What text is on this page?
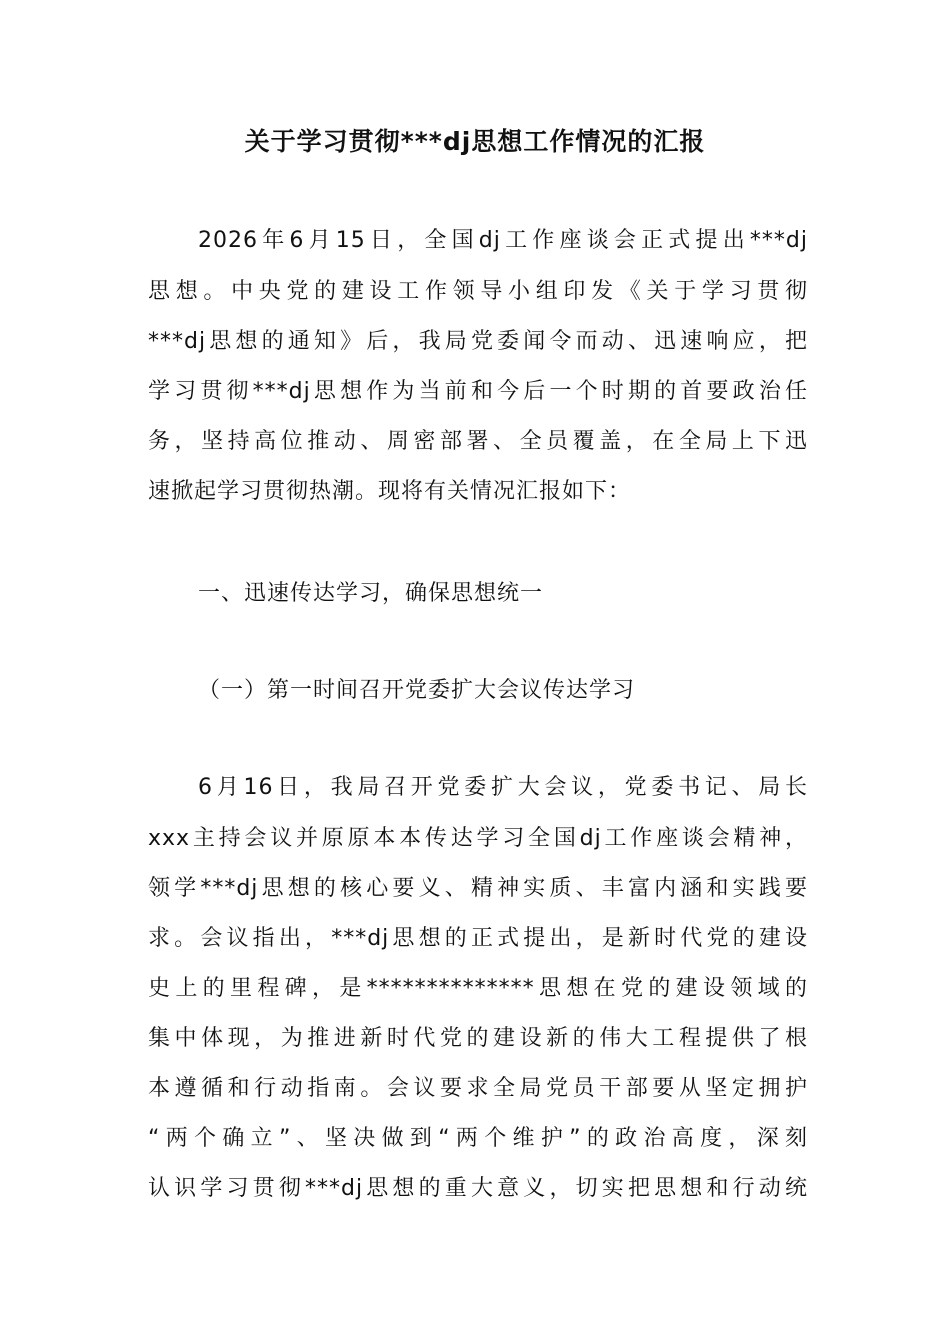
关于学习贯彻***dj思想工作情况的汇报
2026年6月15日，全国dj工作座谈会正式提出***dj
思想。中央党的建设工作领导小组印发《关于学习贯彻
***dj思想的通知》后，我局党委闻令而动、迅速响应，把
学习贯彻***dj思想作为当前和今后一个时期的首要政治任
务，坚持高位推动、周密部署、全员覆盖，在全局上下迅
速掀起学习贯彻热潮。现将有关情况汇报如下：
一、迅速传达学习，确保思想统一
（一）第一时间召开党委扩大会议传达学习
6月16日，我局召开党委扩大会议，党委书记、局长
xxx主持会议并原原本本传达学习全国dj工作座谈会精神，
领学***dj思想的核心要义、精神实质、丰富内涵和实践要
求。会议指出，***dj思想的正式提出，是新时代党的建设
史上的里程碑，是**************思想在党的建设领域的
集中体现，为推进新时代党的建设新的伟大工程提供了根
本遵循和行动指南。会议要求全局党员干部要从坚定拥护
“两个确立”、坚决做到“两个维护”的政治高度，深刻
认识学习贯彻***dj思想的重大意义，切实把思想和行动统
